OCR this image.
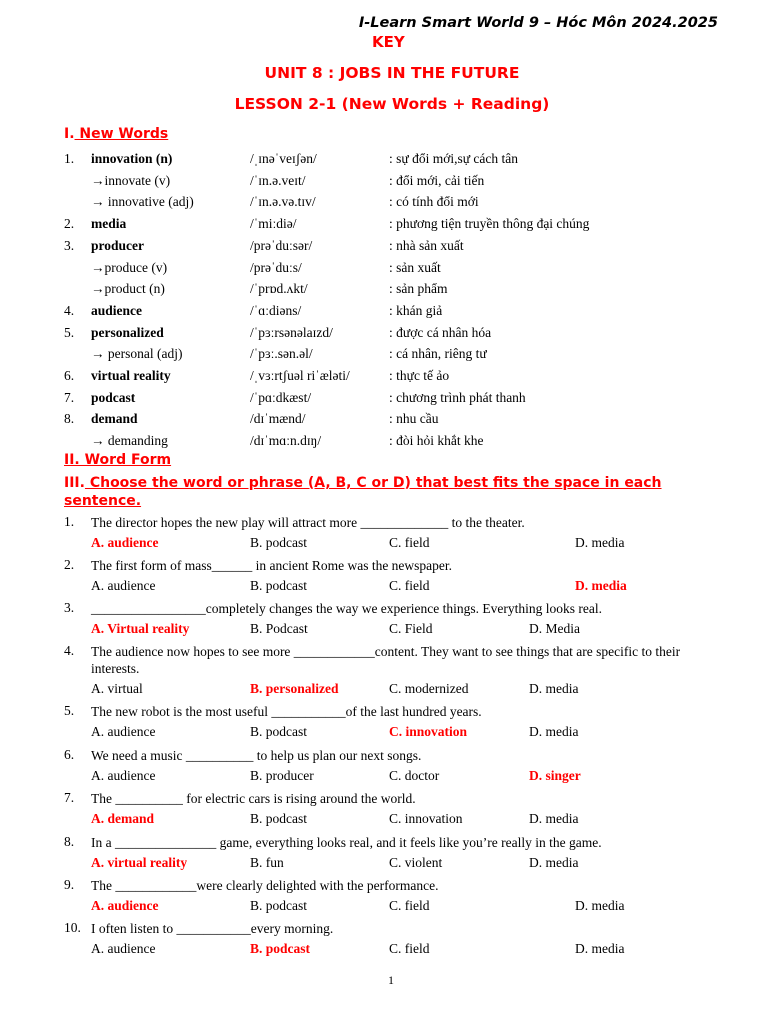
I-Learn Smart World 9 – Hóc Môn 2024.2025
KEY
UNIT 8 : JOBS IN THE FUTURE
LESSON 2-1 (New Words + Reading)
I. New Words
1. innovation (n)	/ˌɪnəˈveɪʃən/	: sự đổi mới,sự cách tân
→innovate (v)	/ˈɪn.ə.veɪt/	: đổi mới, cải tiến
→ innovative (adj)	/ˈɪn.ə.və.tɪv/	: có tính đổi mới
2. media	/ˈmiːdiə/	: phương tiện truyền thông đại chúng
3. producer	/prəˈduːsər/	: nhà sản xuất
→produce (v)	/prəˈduːs/	: sản xuất
→product (n)	/ˈprɒd.ʌkt/	: sản phẩm
4. audience	/ˈɑːdiəns/	: khán giả
5. personalized	/ˈpɜːrsənəlaɪzd/	: được cá nhân hóa
→ personal (adj)	/ˈpɜː.sən.əl/	: cá nhân, riêng tư
6. virtual reality	/ˌvɜːrtʃuəl riˈæləti/	: thực tế ảo
7. podcast	/ˈpɑːdkæst/	: chương trình phát thanh
8. demand	/dɪˈmænd/	: nhu cầu
→ demanding	/dɪˈmɑːn.dɪŋ/	: đòi hỏi khắt khe
II. Word Form
III. Choose the word or phrase (A, B, C or D) that best fits the space in each sentence.
1. The director hopes the new play will attract more _____________ to the theater.
A. audience	B. podcast	C. field	D. media
2. The first form of mass______ in ancient Rome was the newspaper.
A. audience	B. podcast	C. field	D. media
3. _________________completely changes the way we experience things. Everything looks real.
A. Virtual reality	B. Podcast	C. Field	D. Media
4. The audience now hopes to see more ____________content. They want to see things that are specific to their interests.
A. virtual	B. personalized	C. modernized	D. media
5. The new robot is the most useful ___________of the last hundred years.
A. audience	B. podcast	C. innovation	D. media
6. We need a music __________ to help us plan our next songs.
A. audience	B. producer	C. doctor	D. singer
7. The __________ for electric cars is rising around the world.
A. demand	B. podcast	C. innovation	D. media
8. In a _______________ game, everything looks real, and it feels like you’re really in the game.
A. virtual reality	B. fun	C. violent	D. media
9. The ____________were clearly delighted with the performance.
A. audience	B. podcast	C. field	D. media
10. I often listen to ___________every morning.
A. audience	B. podcast	C. field	D. media
1
